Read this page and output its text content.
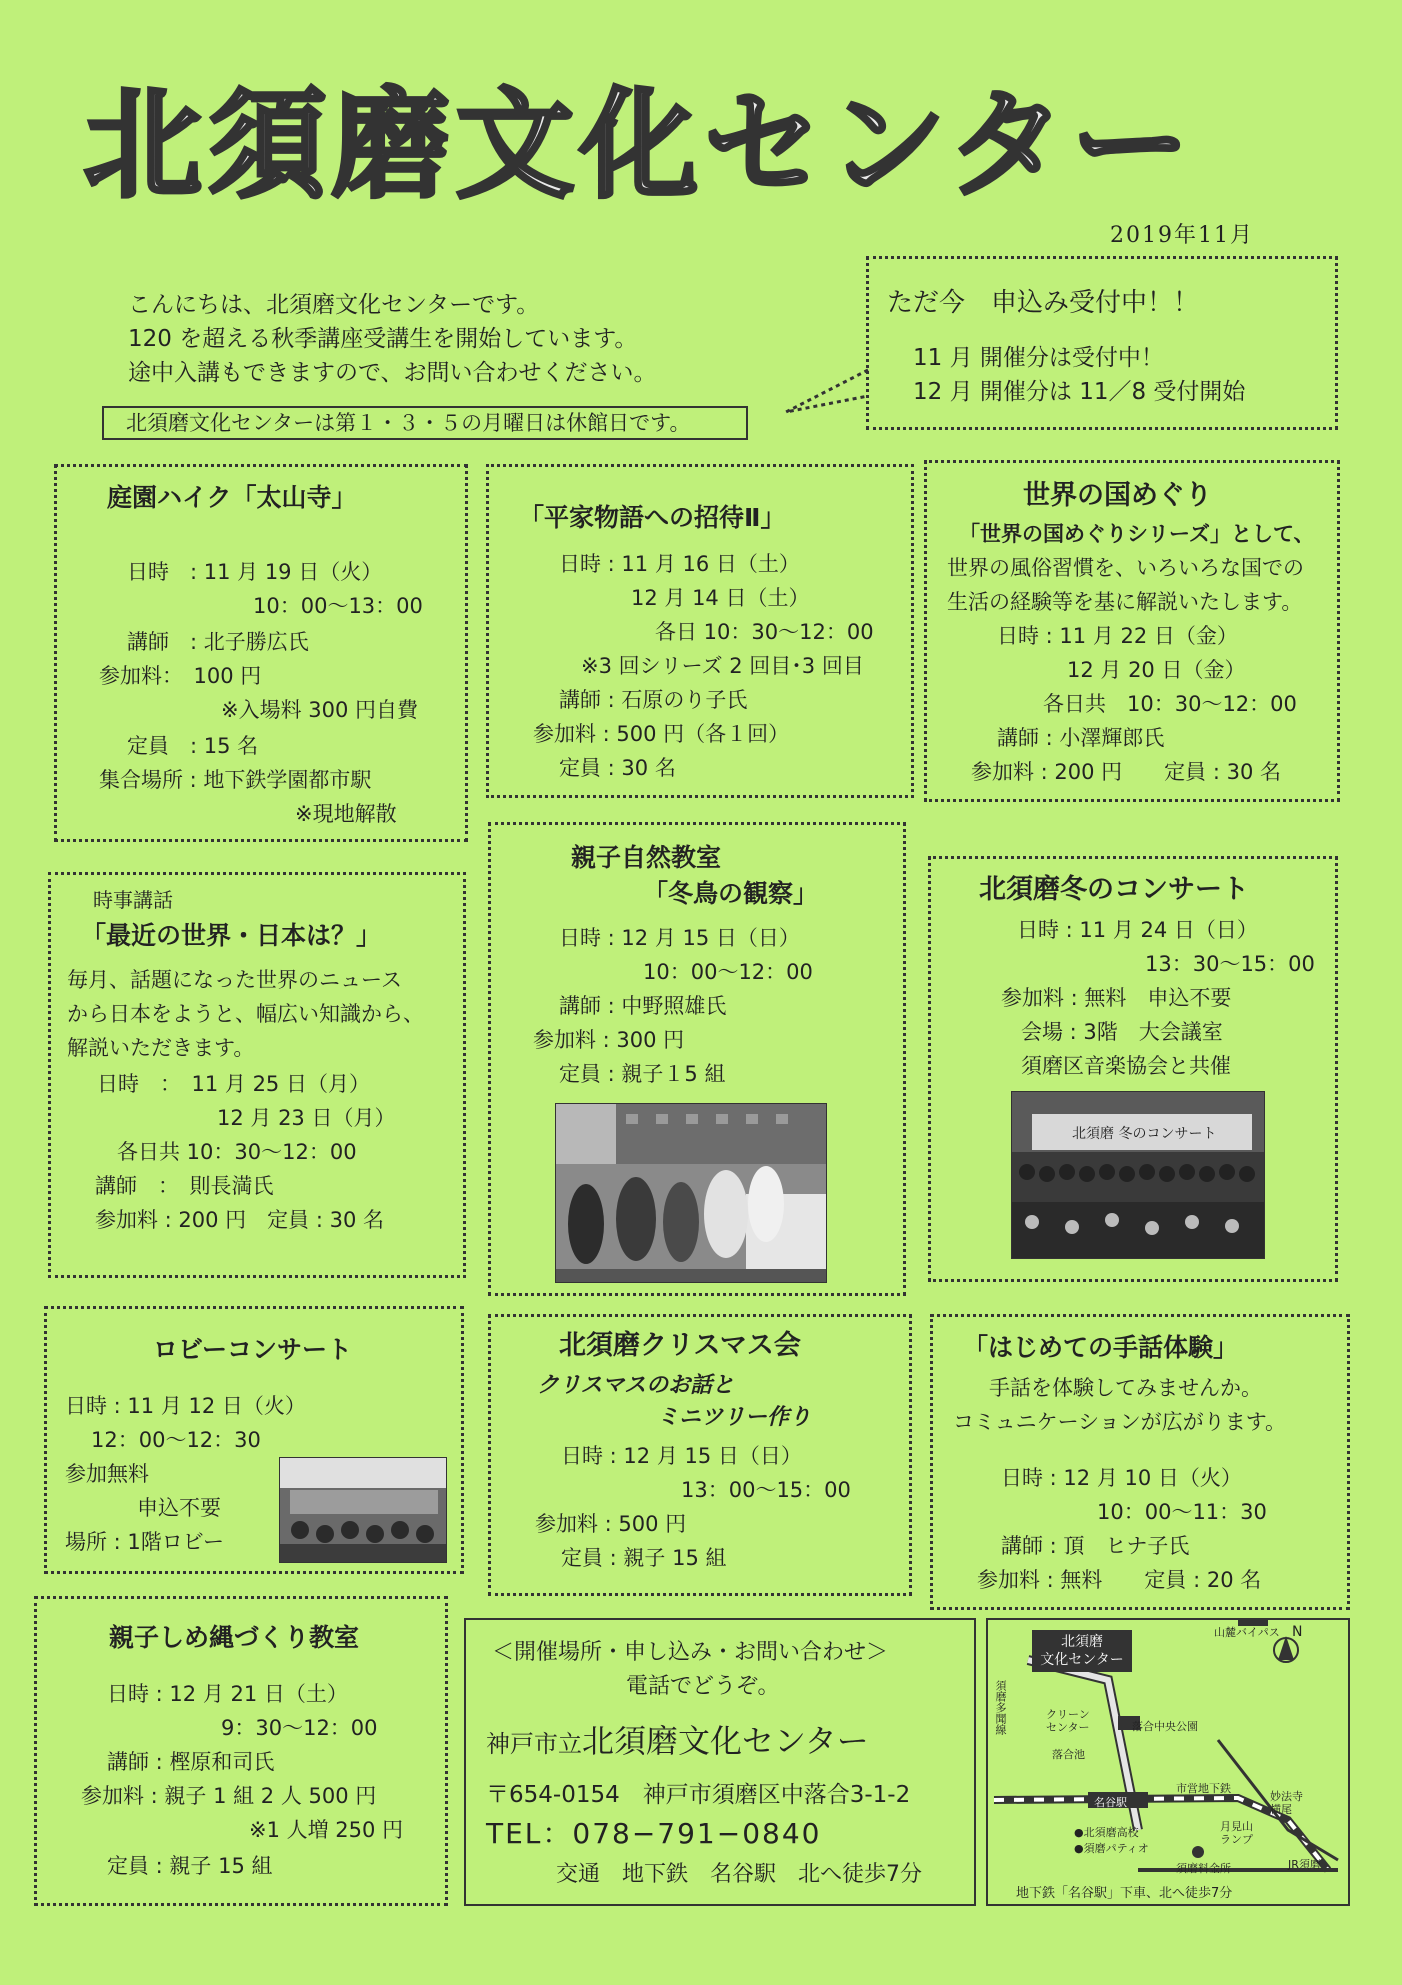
北須磨文化センター
2019年11月
こんにちは、北須磨文化センターです。
120 を超える秋季講座受講生を開始しています。
途中入講もできますので、お問い合わせください。
北須磨文化センターは第１・３・５の月曜日は休館日です。
ただ今　申込み受付中！！
11 月 開催分は受付中！
12 月 開催分は 11／8 受付開始
庭園ハイク「太山寺」
日時　: 11 月 19 日（火）
10：00～13：00
講師　: 北子勝広氏
参加料：　100 円
※入場料 300 円自費
定員　: 15 名
集合場所 : 地下鉄学園都市駅
※現地解散
「平家物語への招待Ⅱ」
日時 : 11 月 16 日（土）
12 月 14 日（土）
各日 10：30～12：00
※3 回シリーズ 2 回目･3 回目
講師 : 石原のり子氏
参加料 : 500 円（各１回）
定員 : 30 名
世界の国めぐり
「世界の国めぐりシリーズ」として、
世界の風俗習慣を、いろいろな国での
生活の経験等を基に解説いたします。
日時 : 11 月 22 日（金）
12 月 20 日（金）
各日共　10：30～12：00
講師 : 小澤輝郎氏
参加料 : 200 円　　定員 : 30 名
時事講話
「最近の世界・日本は？」
毎月、話題になった世界のニュース
から日本をようと、幅広い知識から、
解説いただきます。
日時　：　11 月 25 日（月）
12 月 23 日（月）
各日共 10：30～12：00
講師　：　則長満氏
参加料 : 200 円　定員 : 30 名
親子自然教室
「冬鳥の観察」
日時 : 12 月 15 日（日）
10：00～12：00
講師 : 中野照雄氏
参加料 : 300 円
定員 : 親子１5 組
北須磨冬のコンサート
日時 : 11 月 24 日（日）
13：30～15：00
参加料 : 無料　申込不要
会場 : 3階　大会議室
須磨区音楽協会と共催
北須磨 冬のコンサート
ロビーコンサート
日時 : 11 月 12 日（火）
12：00～12：30
参加無料
申込不要
場所 : 1階ロビー
北須磨クリスマス会
クリスマスのお話と
ミニツリー作り
日時 : 12 月 15 日（日）
13：00～15：00
参加料 : 500 円
定員 : 親子 15 組
「はじめての手話体験」
手話を体験してみませんか。
コミュニケーションが広がります。
日時 : 12 月 10 日（火）
10：00～11：30
講師 : 頂　ヒナ子氏
参加料 : 無料　　定員 : 20 名
親子しめ縄づくり教室
日時 : 12 月 21 日（土）
9：30～12：00
講師 : 樫原和司氏
参加料 : 親子 1 組 2 人 500 円
※1 人増 250 円
定員 : 親子 15 組
＜開催場所・申し込み・お問い合わせ＞
電話でどうぞ。
神戸市立北須磨文化センター
〒654-0154　神戸市須磨区中落合3-1-2
TEL：078−791−0840
交通　地下鉄　名谷駅　北へ徒歩7分
北須磨
文化センター
N
山麓バイパス
クリーン
センター	落合中央公園
落合池
名谷駅
市営地下鉄
妙法寺
横尾
月見山
ランプ
●北須磨高校
●須磨パティオ
須磨料金所	JR須磨
須磨多聞線
地下鉄「名谷駅」下車、北へ徒歩7分
